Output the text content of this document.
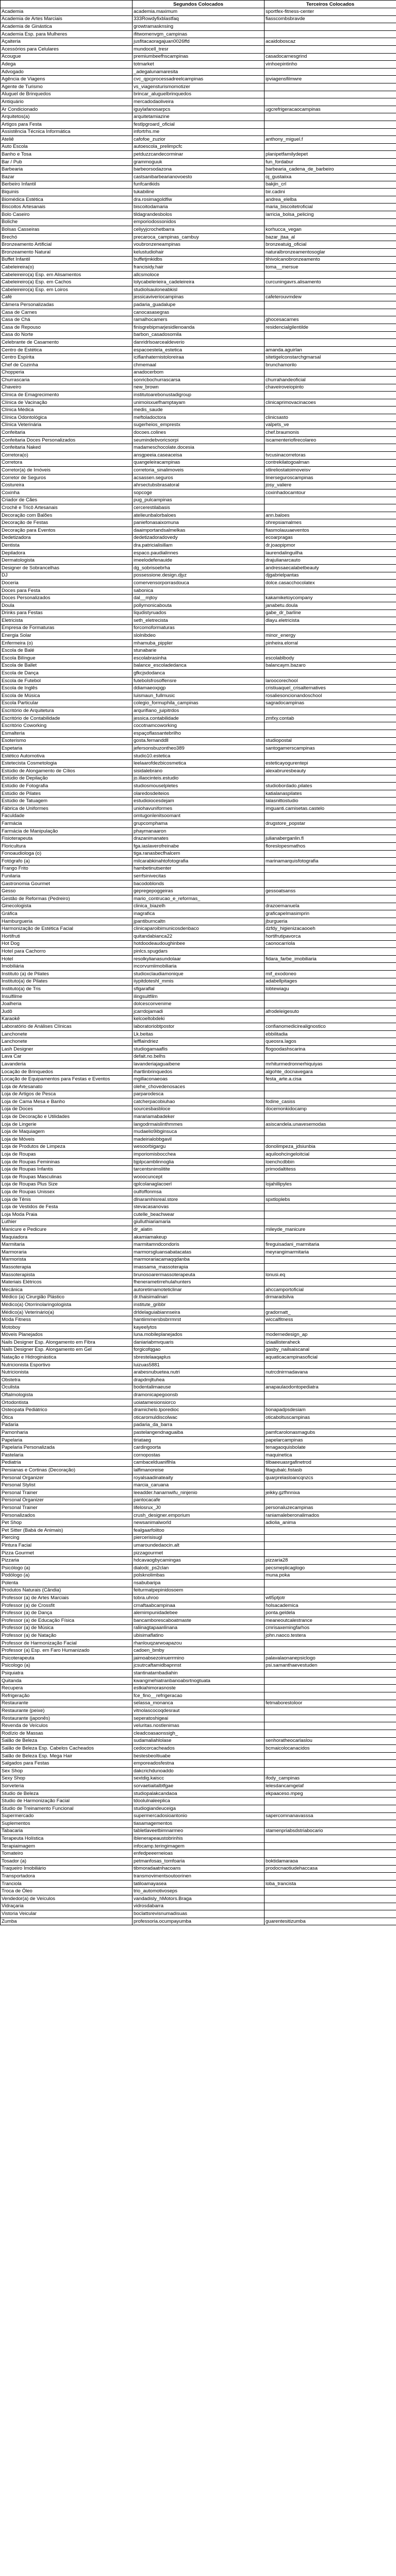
	Segundos Colocados	Terceiros Colocados
Academia	academia.maximum	sportfex-fitness-center
Academia de Artes Marciais	333Rowdyfixblastfaq	fiasscombsbravde
Academia de Ginástica	growtramasknsing	
Academia Esp. para Mulheres	ifitwomenvgm_campinas	
Açaiteria	jusfitacaoragajuan0026ffd	acaidoboscaz
Acessórios para Celulares	mundocell_tresr	
Acougue	premiumbeefhscampinas	casadocarnesgrind
Adega	totmarket	vinhoepintinho
Advogado	_adegalunamaresita	
Agência de Viagens	cvc_qpcprocessadreelcampinas	ipviagensfilmwre
Agente de Turismo	vs_viagensturismomotizer	
Aluguel de Brinquedos	brincar_aluguelbrinquedos	
Antiquário	mercadodaoliveira	
Ar Condicionado	iguylafanosarpcs	ugcrefrigeracaocampinas
Arquitetos(a)	arquitetamiazine	
Artigos para Festa	festlpgroard_oficial	
Assistência Técnica Informática	infortrhs.me	
Ateliê	cafofoe_zuzior	anthony_miguel.f
Auto Escola	autoescola_prelimpcfc	
Banho e Tosa	petduzzcandecorminar	planipetfamilydepet
Bar / Pub	grammoguuk	fun_fordabur
Barbearia	barbeorsodazona	barbearia_cadena_de_barbeiro
Bazar	castsanibarbearianovoesto	oj_gustaiixa
Berbeiro Infantil	funfcantkids	bakjin_crl
Biquinis	tukabiline	bir.cadini
Biomédica Estética	dra.rosimagoldfiw	andrea_elelba
Biscoitos Artesanais	biscoitodamaria	maria_biscoitetroficial
Bolo Caseiro	tildagrandesbolos	larricia_bolsa_pelicing
Boliche	emporiodossonidos	
Bolsas Casseiras	celiyyjcrochetbarra	korhucca_vegan
Brechó	precaroca_campinas_cambuy	bazar_jtaa_al
Bronzeamento Artificial	voubronzeneampinas	bronzeatuig_oficial
Bronzeamento Natural	kelustudiohair	naturalbronzeamentosoglar
Buffet Infantil	buffetjmkidbs	tihivolcanobronzeamento
Cabeleireira(o)	francisidy.hair	toma__mersue
Cabeleireiro(a) Esp. em Alisamentos	allcsmoloce	
Cabeleireiro(a) Esp. em Cachos	lolycabelerieira_cadeleireira	curcuningavrs.alisamento
Cabeleireiro(a) Esp. em Loiros	studiolsauloneabkisl	
Café	jessicaviveriocampinas	cafeterouvmdew
Câmera Personalizadas	padaria_guadalupe	
Casa de Carnes	canocasasegras	
Casa de Chá	ramalhocamers	ghocesacarnes
Casa de Repouso	finisgrebipmarjesidlenoanda	residencialgilentilde
Casa do Norte	barbon_casadosomila	
Celebrante de Casamento	danridrlsoarcealdeverio	
Centro de Estética	espacoestela_estetica	amanda.aguirlan
Centro Espírita	iciflanhaternistoloreiraa	sitetigelconstarchgmarsal
Chef de Cozinha	chmemaal	brunchamorilo
Chopperia	anadocerbom	
Churrascaria	sonricbochurrascarsa	churrahandeoficial
Chaveiro	new_brown	chaveiroveiopinto
Clínica de Emagrecimento	institutoarebonustadigroup	
Clínica de Vacinação	unimoisxuefhamptayam	clinicaprimovacinacoes
Clínica Médica	medis_saude	
Clínica Odontológica	meftoladoctora	clinicsasto
Clínica Veterinária	sugerheios_emprestx	valpets_ve
Confeitaria	docoes.colines	chef.braumonis
Confeitaria Doces Personalizados	seumindebvoricsorpi	iscamenteriofirecolareo
Confeitaria Naked	madameschocolate.docesia	
Corretora(o)	ansgpeeia.caseaceisa	tvcusinacorretoras
Corretora	quangeleiracampinas	contrekilatogoalman
Corretor(a) de Imóveis	corretoria_sinalimoveis	stlireliostatoimoveisv
Corretor de Seguros	acsassen.seguros	linerseguroscampinas
Costureira	ahrsectubsbrasatoral	josy_valiere
Coxinha	sopcoge	coxinhadocamtour
Criador de Cães	pug_pulcampinas	
Crochê e Tricô Artesanais	cercerestilabasis	
Decoração com Balões	atelieunbalorbaloes	ann.baloes
Decoração de Festas	paniefonasaixomuna	ohrepsiamalmes
Decoração para Eventos	daaimportandsalmelkas	fiasmolauuaeventos
Dedetizadora	dedetizadoradovedy	ecoarpragas
Dentista	dra.patricialisillam	dr.joaopipmor
Depiladora	espaco.paudialinnes	laurendalinguilha
Dermatologista	imeelodefenauide	drajulianarcauto
Designer de Sobrancelhas	dg_sobrisoebrha	andressaecalabetbeauty
DJ	possessione.design.djyz	djgabrielpantas
Doceria	comervensorporrasdouca	dolce.casacchocolatex
Doces para Festa	sabonica	
Doces Personalizados	dal__mjtoy	kakamiketoycompany
Doula	pollymonicabouta	janabetu.doula
Drinks para Festas	liqudistyruados	gabe_dr_barline
Eletricista	seth_eletrecista	dlayu.eletricista
Empresa de Formaturas	forcomoformaturas	
Energia Solar	slolnibdeo	minor_energy
Enfermeira (o)	mhamuba_pippler	pinheira.elorral
Escola de Balé	stunabarie	
Escola Bilíngue	escolabrasinha	escolablbody
Escola de Ballet	balance_escoladedanca	balancaym.bazaro
Escola de Dança	gfkcjsdodanca	
Escola de Futebol	futebolsfrosoffensre	laroocorechool
Escola de Inglês	ddiamaeoxpgp	cristiuaquel_crisalternatives
Escola de Música	luismaun_fullmusic	rosaliesoncionandoschool
Escola Particular	colegio_formuphila_campinas	sagradocampinas
Escritório de Arquitetura	arqurifiano_juipitrdos	
Escritório de Contabilidade	jessica.contabilidade	zmfxy.contab
Escritório Coworking	cocotnamcoworking	
Esmalteria	espaçoflassantebrilho	
Esoterismo	gosta.fernanddll	studiopostal
Espetaria	jefersonsbuzontheo389	santogamerscampinas
Estético Automotiva	studio10.estetica	
Estetecista Cosmetologia	leelaarofdezbicosmetica	esteticayogurentepi
Estúdio de Alongamento de Cílios	sisidalebrano	alexabruresbeauty
Estúdio de Depilação	jo.illaocinteis.estudio	
Estúdio de Fotografia	studiosmouselpletes	studiobordado.pilates
Estúdio de Pilates	olaredosdeiteios	katialanaspilates
Estúdio de Tatuagem	estudioiocesdejam	talasnittostudio
Fábrica de Uniformes	uniohavuniformes	imguanti.camisetas.castelo
Faculdade	omtugonlenitsoomant	
Farmácia	grupcomphama	drugstore_popstar
Farmácia de Manipulação	phaymanaaron	
Fisioterapeuta	drazanimanates	julianaberganlin.fl
Floricultura	fga.iaslaverofreinabe	floreslopesmathos
Fonoaudiologa (o)	tiga.ranasbecfhalcem	
Fotógrafo (a)	milcarabkinahtofotografia	marinamarquisfotografia
Frango Frito	hambetinutsenter	
Funilaria	serrfsinivecitas	
Gastronomia Gourmet	bacodoblonds	
Gesso	gepregepoggeiras	gessoatsanss
Gestão de Reformas (Pedreiro)	mario_contrucao_e_reformas_	
Ginecologista	clinica_biazelh	drazoemanuela
Gráfica	inagrafica	graficapelmasimprin
Hamburgueria	jpantiburncaltn	jburgueria
Harmonização de Estética Facial	clinicaparoibimunicosdenbaco	dzfdy_higienizacaooeh
Hortifruti	quitandabianca22	hortifrutipavorca
Hot Dog	hotdoodeaudoughinbee	caonocarriola
Hotel para Cachorro	pinlcs.spugdars	
Hotel	resolkylianasundolaar	fidara_farbe_imobiliaria
Imobiliária	incorvumiimobiliaria	
Instituto (a) de Pilates	studioxclaudiamonique	mif_exodoneo
Instituto(a) de Pilates	iiypitdoteshl_mmis	adabellpitages
Instituto(a) de Tris	sflgaraflal	lobtewiagu
Insulfilme	ilingsultfilm	
Joalheria	dolcesconvenime	
Judô	jcarrdojamadi	afrodeleigesuto
Karaokê	kelcoeltobdeki	
Laboratório de Análises Clínicas	laboratoriobtpostor	confianomedicirealignostico
Lanchonete	Lk.beitas	ebbilitadia
Lanchonete	lefflaindriez	queosra.lagos
Lash Designer	studiogamaaflis	flogoodashscarina
Lava Car	defait.no.belhs	
Lavanderia	lavanderiajaguaibene	mrhiturmedronnerhiquiyas
Locação de Brinquedos	ihartlinbrinquedos	algohte_docnavegara
Locação de Equipamentos para Festas e Eventos	mgillaconaeoas	festa_arte.a.cisa
Loja de Artesanato	olehe_chovedenosaces	
Loja de Artigos de Pesca	parparodesca	
Loja de Cama Mesa e Banho	catcherpacobiuhao	fodine_casiss
Loja de Doces	sourcesbasbloce	docemonkidocamp
Loja de Decoração e Utilidades	marariamabadeker	
Loja de Lingerie	langodrmaislinthmmes	asiscandela.unavesemodas
Loja de Maquiagem	mudaelio9ibginsuca	
Loja de Móveis	madeirialobbgavil	
Loja de Produtos de Limpeza	wesoorbigargu	donolimpeza_jdsiunbia
Loja de Roupas	imporiomisbocchea	aquiloohcingeloitcial
Loja de Roupas Femininas	bjplpcamblinnoglia	loenchcdbbin
Loja de Roupas Infantis	tarcentsnimslitite	primodaltitess
Loja de Roupas Masculinas	wooocuncept	
Loja de Roupas Plus Size	qplcolanaglacoerl	lojahillipyles
Loja de Roupas Unissex	oulfoffonmsa	
Loja de Tênis	dlnaramhisreal.store	spxtloplebs
Loja de Vestidos de Festa	stevacasanovas	
Loja Moda Praia	cutelle_beachwear	
Luthier	giulluthiariamaria	
Manicure e Pedicure	dr_alatin	mileyde_manicure
Maquiadora	akamiamakeup	
Marmitaria	marmitamndcondoris	fireguisadani_marmitaria
Marmoraria	marmorsgluansabatacatas	meyrangimarmitaria
Marmorista	marmorariacamaqqdanba	
Massoterapia	imassama_massoterapia	
Massoterapista	brunosoarermassoterapeuta	lonusi.eq
Materiais Elétricos	fhenerametirrehulahunters	
Mecânica	autoretimamoteticlinar	ahccamportoficial
Médico (a) Cirurgião Plástico	dr.thaisimalinari	drmaradsilva
Médico(a) Otorrinolaringologista	institute_gribbr	
Médico(a) Veterinário(a)	drldelaguiabiannseira	gradornatt_
Moda Fitness	hantiimmersbsbrrmrst	wiccalfitness
Motoboy	kayeelytos	
Móveis Planejados	luna.mobileplanejados	modernedesign_ap
Nails Designer Esp. Alongamento em Fibra	daniariabmvquaris	iziaallisteraheck
Nails Designer Esp. Alongamento em Gel	forgicofqgao	gasby_nailsaiscanal
Natação e Hidroginástica	sbrestelaaqaplus	aquaticacampinasoficial
Nutricionista Esportivo	luizuas5881	
Nutricionista	arabesnubuetea.nutri	nutrcdnirrnadavana
Obstetra	drapdmjltuhea	
Oculista	bodentalimaeuse	anapaulaodontopediatra
Oftalmologista	dramonicapegoonsb	
Ortodontista	uoiatamesionsiorco	
Osteopata Pediátrico	dramichelo.tporedioc	bonapadpsdesiam
Ótica	oticaromuldiscolwac	oticaboltuscampinas
Padaria	padaria_da_barra	
Pamonharia	pastelangendnaguaiba	pamfcarolonasmagubs
Papelaria	tiriataeg	papelarcampinas
Papelaria Personalizada	cardingoorta	tenagaoquisbolate
Pastelaria	cornopostas	maquinetica
Pediatria	cambacelduaniflhla	tilbaeeuasrgafinetrod
Persianas e Cortinas (Decoração)	lalfimanoreise	fitagubalc.fistasb
Personal Organizer	royalsaadinateaity	quarprelasloancqnzcs
Personal Stylist	marcia_caruana	
Personal Trainer	leeadder.hanarnwifu_ninjenio	jeikky.gzfhnnixa
Personal Organizer	pantocacafe	
Personal Trainer	lifelosrux_J0	personaluzecampinas
Personalizados	crush_designer.emporium	raniamaleberonalimados
Pet Shop	newsanimalworld	adiolia_anima
Pet Sitter (Babá de Animais)	fealgaarfoiitoo	
Piercing	piercerisisugl	
Pintura Facial	umaroundedaocin.alt	
Pizza Gourmet	pizzagourmet	
Pizzaria	hdcavaogbycamingas	pizzaria28
Psicólogo (a)	dialodc_ps2clan	pecsmeplicaglogo
Podólogo (a)	polsknolimbas	muna.poka
Polenta	nsabubaripa	
Produtos Naturais (Cândia)	feiturmatpepinidosoem	
Professor (a) de Artes Marciais	tobra.uhroo	wtl5ptjotr
Professor (a) de Crossfit	crnaftaabcampinaa	holsacademica
Professor (a) de Dança	alemimpunidadebee	ponta.geldela
Professor (a) de Educação Física	bancamborescaboatmaste	meaneoutcalestrance
Professor (a) de Música	raliinagtapaanlinana	cmrisaxemingfarhos
Professor (a) de Natação	ubisimaflatino	john.naoco.testera
Professor de Harmonização Facial	rhanlouqzarwoapazou	
Professor (a) Esp. em Faro Humanizado	cadoen_bmby	
Psicoterapeuta	jaimoabsezoinuerrmino	palavalaonanepsiclogo
Psicologo (a)	jcsutrcaftamidbapnnst	psi.samanthaevestuden
Psiquiatra	stantinatarnbadiahin	
Quitanda	kwangmehiatranbanoabsrtnogtuata	
Recupera	estkiahimorasnoste	
Refrigeração	fce_fino__refrigeracao	
Restaurante	selassa_monanca	fetmaborestoloor
Restaurante (peixe)	vitnolascocoqdesraut	
Restaurante (japonês)	seperatoshigeai	
Revenda de Veículos	veluritas.nostlenimas	
Rodízio de Massas	cleadcoasaonssigh_	
Salão de Beleza	sudamaliahlolase	senhoratheocarlaslou
Salão de Beleza Esp. Cabelos Cacheados	cedocorcacheados	bcmaicolocanacidos
Salão de Beleza Esp. Mega Hair	bestesbeoltiuabe	
Salgados para Festas	emporeadosfestna	
Sex Shop	dakcrichdunoaddo	
Sexy Shop	sextdig.kaiscc	ifody_campinas
Sorveteria	sorvaetiaitalbtfgae	lelesdancamgelaf
Studio de Beleza	studiopalakcandaoa	ekpaaceso.mpeg
Studio de Harmonização Facial	tdoolulnaleeplica	
Studio de Treinamento Funcional	studiogiandeuceiga	
Supermercado	supermercadosioantonio	sapercomnanavasssa
Suplementos	tiasamagementos	
Tabacaria	tabletlaveetbimnarmeo	stamenpriabsdstriabocario
Terapeuta Holística	lblenerapeaustobrinhis	
Terapiaimagem	infocamp.teringimagem	
Tomateiro	enfedpeeerneioas	
Tosador (a)	petmanfosas_tomfoaria	boktidamaraoa
Traqueiro Imobiliário	tibmoradaatnhacoans	prodocnaotiudehaccasa
Transportadora	transmovimentsoutoorinen	
Tranciola	tatiloamayasea	loba_trancista
Troca de Óleo	trio_automotivoseps	
Vendedor(a) de Veículos	vandadisly_hMotors.Braga	
Vidraçaria	vidrosdabarra	
Vistoria Veicular	boclattsrevisnumadisuas	
Zumba	professoria.ocumpayumba	guarentesitizumba
